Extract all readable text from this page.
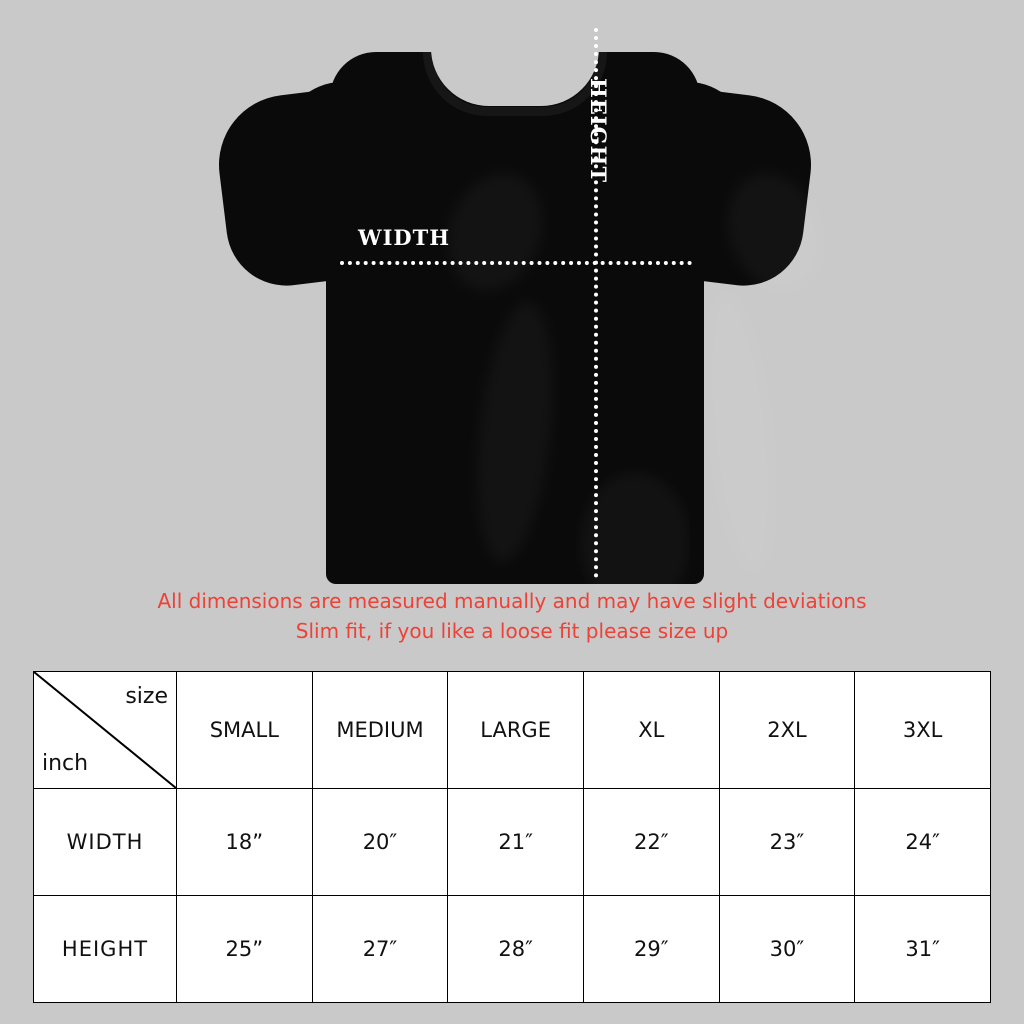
HEIGHT
WIDTH
All dimensions are measured manually and may have slight deviations
Slim fit, if you like a loose fit please size up
size
inch	SMALL	MEDIUM	LARGE	XL	2XL	3XL
WIDTH	18”	20″	21″	22″	23″	24″
HEIGHT	25”	27″	28″	29″	30″	31″
